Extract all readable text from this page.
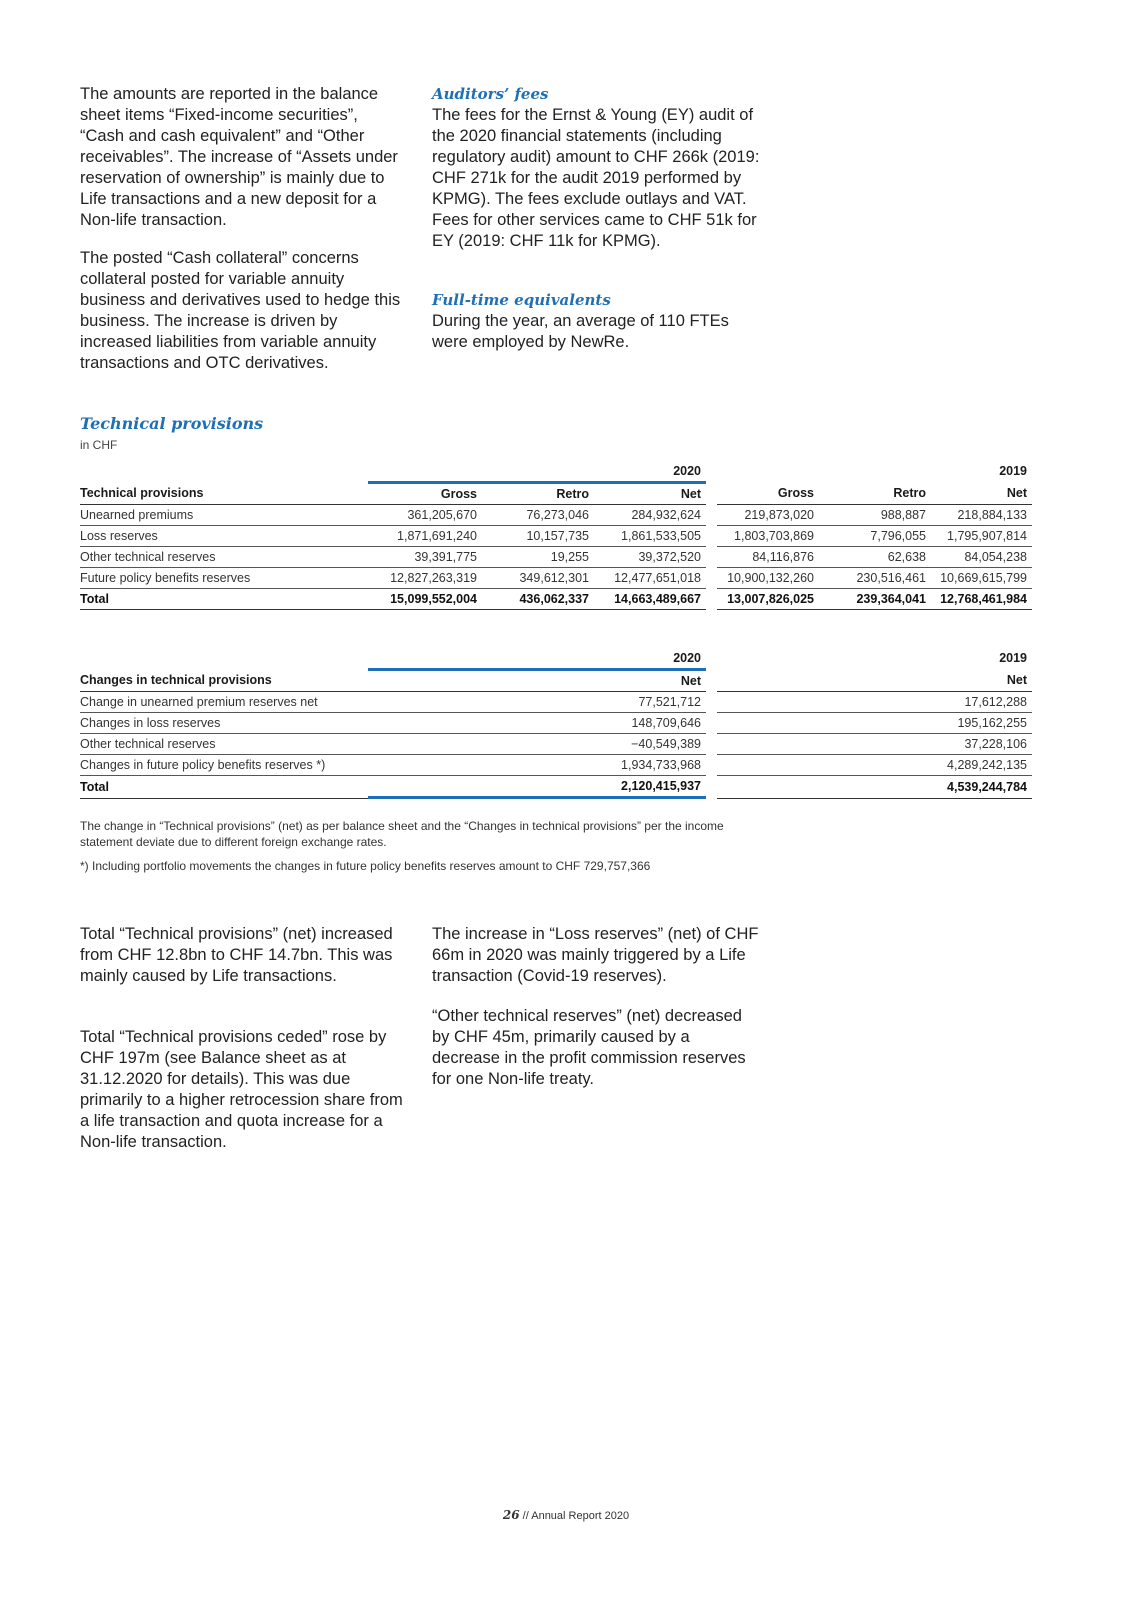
The amounts are reported in the balance sheet items “Fixed-income securities”, “Cash and cash equivalent” and “Other receivables”. The increase of “Assets under reservation of ownership” is mainly due to Life transactions and a new deposit for a Non-life transaction.

The posted “Cash collateral” concerns collateral posted for variable annuity business and derivatives used to hedge this business. The increase is driven by increased liabilities from variable annuity transactions and OTC derivatives.

Auditors’ fees

The fees for the Ernst & Young (EY) audit of the 2020 financial statements (including regulatory audit) amount to CHF 266k (2019: CHF 271k for the audit 2019 performed by KPMG). The fees exclude outlays and VAT. Fees for other services came to CHF 51k for EY (2019: CHF 11k for KPMG).

Full-time equivalents

During the year, an average of 110 FTEs were employed by NewRe.

Technical provisions

in CHF

			2020				2019
Technical provisions	Gross	Retro	Net		Gross	Retro	Net
Unearned premiums	361,205,670	76,273,046	284,932,624		219,873,020	988,887	218,884,133
Loss reserves	1,871,691,240	10,157,735	1,861,533,505		1,803,703,869	7,796,055	1,795,907,814
Other technical reserves	39,391,775	19,255	39,372,520		84,116,876	62,638	84,054,238
Future policy benefits reserves	12,827,263,319	349,612,301	12,477,651,018		10,900,132,260	230,516,461	10,669,615,799
Total	15,099,552,004	436,062,337	14,663,489,667		13,007,826,025	239,364,041	12,768,461,984
	2020		2019
Changes in technical provisions	Net		Net
Change in unearned premium reserves net	77,521,712		17,612,288
Changes in loss reserves	148,709,646		195,162,255
Other technical reserves	−40,549,389		37,228,106
Changes in future policy benefits reserves *)	1,934,733,968		4,289,242,135
Total	2,120,415,937		4,539,244,784

The change in “Technical provisions” (net) as per balance sheet and the “Changes in technical provisions” per the income statement deviate due to different foreign exchange rates.

*) Including portfolio movements the changes in future policy benefits reserves amount to CHF 729,757,366

Total “Technical provisions” (net) increased from CHF 12.8bn to CHF 14.7bn. This was mainly caused by Life transactions.

Total “Technical provisions ceded” rose by CHF 197m (see Balance sheet as at 31.12.2020 for details). This was due primarily to a higher retrocession share from a life transaction and quota increase for a Non-life transaction.

The increase in “Loss reserves” (net) of CHF 66m in 2020 was mainly triggered by a Life transaction (Covid-19 reserves).

“Other technical reserves” (net) decreased by CHF 45m, primarily caused by a decrease in the profit commission reserves for one Non-life treaty.

26 // Annual Report 2020
